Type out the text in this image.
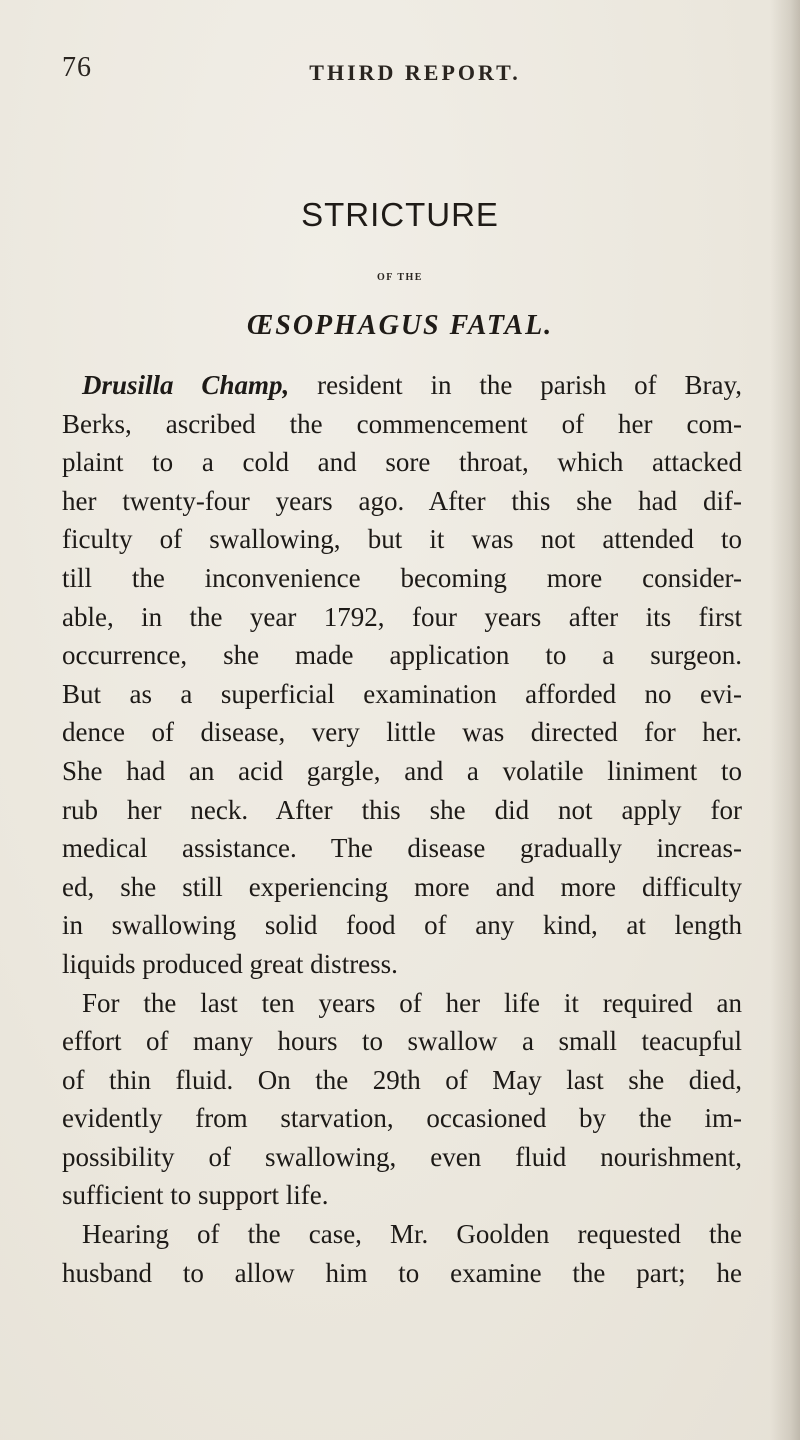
76	THIRD REPORT.
STRICTURE
OF THE
ŒSOPHAGUS FATAL.
Drusilla Champ, resident in the parish of Bray,
Berks, ascribed the commencement of her com-
plaint to a cold and sore throat, which attacked
her twenty-four years ago. After this she had dif-
ficulty of swallowing, but it was not attended to
till the inconvenience becoming more consider-
able, in the year 1792, four years after its first
occurrence, she made application to a surgeon.
But as a superficial examination afforded no evi-
dence of disease, very little was directed for her.
She had an acid gargle, and a volatile liniment to
rub her neck. After this she did not apply for
medical assistance. The disease gradually increas-
ed, she still experiencing more and more difficulty
in swallowing solid food of any kind, at length
liquids produced great distress.
For the last ten years of her life it required an
effort of many hours to swallow a small teacupful
of thin fluid. On the 29th of May last she died,
evidently from starvation, occasioned by the im-
possibility of swallowing, even fluid nourishment,
sufficient to support life.
Hearing of the case, Mr. Goolden requested the
husband to allow him to examine the part; he
